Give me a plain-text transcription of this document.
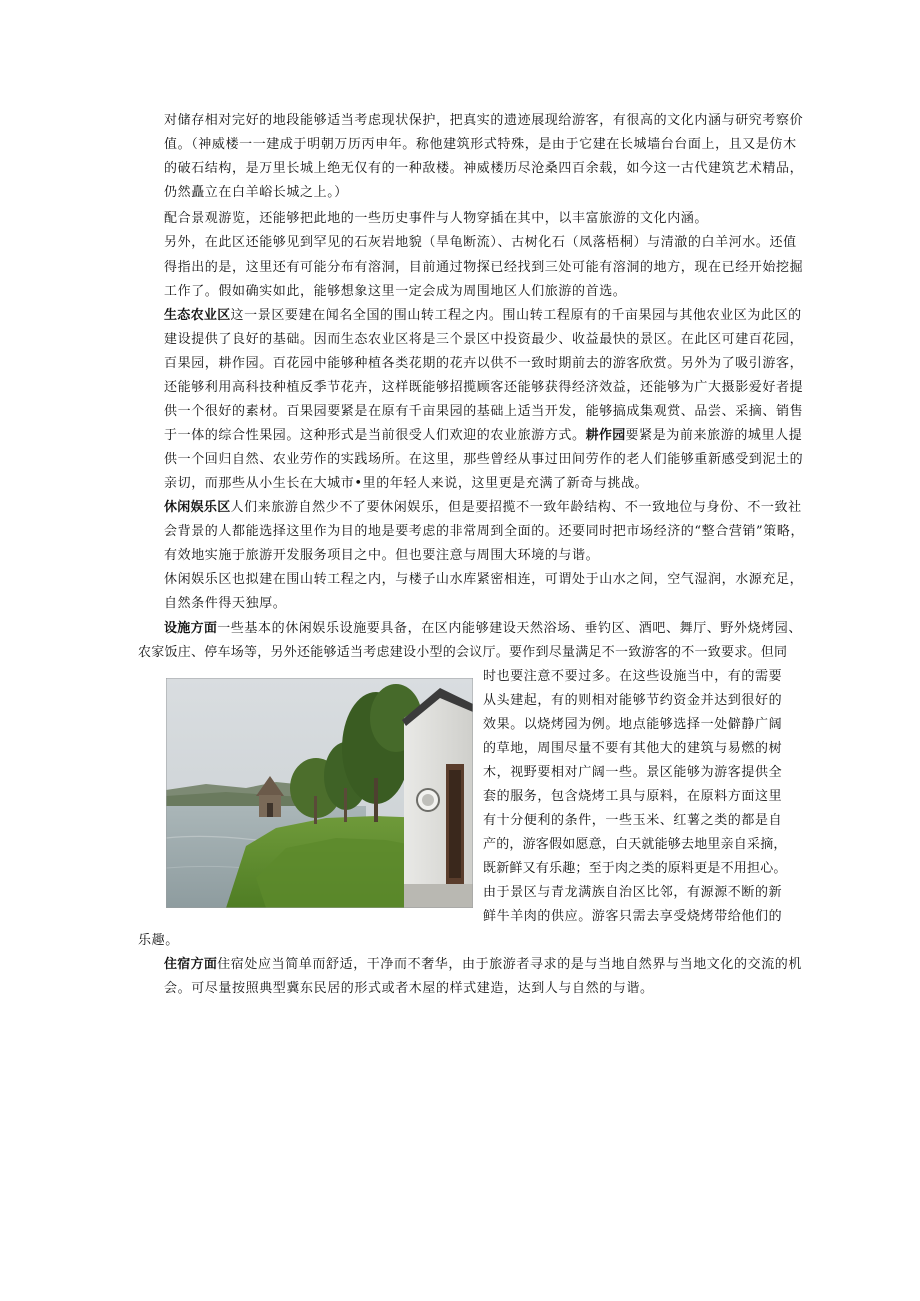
对储存相对完好的地段能够适当考虑现状保护，把真实的遗迹展现给游客，有很高的文化内涵与研究考察价
值。（神威楼一一建成于明朝万历丙申年。称他建筑形式特殊，是由于它建在长城墙台台面上，且又是仿木
的破石结构，是万里长城上绝无仅有的一种敌楼。神威楼历尽沧桑四百余载，如今这一古代建筑艺术精品，
仍然矗立在白羊峪长城之上。）
配合景观游览，还能够把此地的一些历史事件与人物穿插在其中，以丰富旅游的文化内涵。
另外，在此区还能够见到罕见的石灰岩地貌（旱龟断流）、古树化石（凤落梧桐）与清澈的白羊河水。还值
得指出的是，这里还有可能分布有溶洞，目前通过物探已经找到三处可能有溶洞的地方，现在已经开始挖掘
工作了。假如确实如此，能够想象这里一定会成为周围地区人们旅游的首选。
生态农业区这一景区要建在闻名全国的围山转工程之内。围山转工程原有的千亩果园与其他农业区为此区的
建设提供了良好的基础。因而生态农业区将是三个景区中投资最少、收益最快的景区。在此区可建百花园，
百果园，耕作园。百花园中能够种植各类花期的花卉以供不一致时期前去的游客欣赏。另外为了吸引游客，
还能够利用高科技种植反季节花卉，这样既能够招揽顾客还能够获得经济效益，还能够为广大摄影爱好者提
供一个很好的素材。百果园要紧是在原有千亩果园的基础上适当开发，能够搞成集观赏、品尝、采摘、销售
于一体的综合性果园。这种形式是当前很受人们欢迎的农业旅游方式。耕作园要紧是为前来旅游的城里人提
供一个回归自然、农业劳作的实践场所。在这里，那些曾经从事过田间劳作的老人们能够重新感受到泥土的
亲切，而那些从小生长在大城市•里的年轻人来说，这里更是充满了新奇与挑战。
休闲娱乐区人们来旅游自然少不了要休闲娱乐，但是要招揽不一致年龄结构、不一致地位与身份、不一致社
会背景的人都能选择这里作为目的地是要考虑的非常周到全面的。还要同时把市场经济的“整合营销”策略，
有效地实施于旅游开发服务项目之中。但也要注意与周围大环境的与谐。
休闲娱乐区也拟建在围山转工程之内，与楼子山水库紧密相连，可谓处于山水之间，空气湿润，水源充足，
自然条件得天独厚。
设施方面一些基本的休闲娱乐设施要具备，在区内能够建设天然浴场、垂钓区、酒吧、舞厅、野外烧烤园、
农家饭庄、停车场等，另外还能够适当考虑建设小型的会议厅。要作到尽量满足不一致游客的不一致要求。但同
时也要注意不要过多。在这些设施当中，有的需要
从头建起，有的则相对能够节约资金并达到很好的
效果。以烧烤园为例。地点能够选择一处僻静广阔
的草地，周围尽量不要有其他大的建筑与易燃的树
木，视野要相对广阔一些。景区能够为游客提供全
套的服务，包含烧烤工具与原料，在原料方面这里
有十分便利的条件，一些玉米、红薯之类的都是自
产的，游客假如愿意，白天就能够去地里亲自采摘，
既新鲜又有乐趣；至于肉之类的原料更是不用担心。
由于景区与青龙满族自治区比邻，有源源不断的新
鲜牛羊肉的供应。游客只需去享受烧烤带给他们的
乐趣。
住宿方面住宿处应当简单而舒适，干净而不奢华，由于旅游者寻求的是与当地自然界与当地文化的交流的机
会。可尽量按照典型冀东民居的形式或者木屋的样式建造，达到人与自然的与谐。
